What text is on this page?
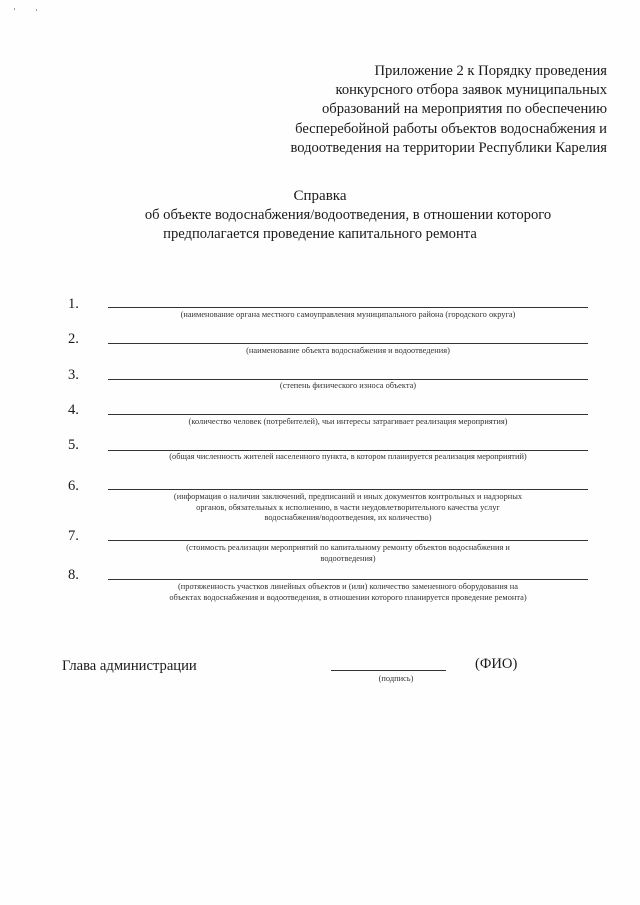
Приложение 2 к Порядку проведения
конкурсного отбора заявок муниципальных
образований на мероприятия по обеспечению
бесперебойной работы объектов водоснабжения и
водоотведения на территории Республики Карелия
Справка
об объекте водоснабжения/водоотведения, в отношении которого
предполагается проведение капитального ремонта
1.
(наименование органа местного самоуправления муниципального района (городского округа)
2.
(наименование объекта водоснабжения и водоотведения)
3.
(степень физического износа объекта)
4.
(количество человек (потребителей), чьи интересы затрагивает реализация мероприятия)
5.
(общая численность жителей населенного пункта, в котором планируется реализация мероприятий)
6.
(информация о наличии заключений, предписаний и иных документов контрольных и надзорных
органов, обязательных к исполнению, в части неудовлетворительного качества услуг
водоснабжения/водоотведения, их количество)
7.
(стоимость реализации мероприятий по капитальному ремонту объектов водоснабжения и
водоотведения)
8.
(протяженность участков линейных объектов и (или) количество замененного оборудования на
объектах водоснабжения и водоотведения, в отношении которого планируется проведение ремонта)
Глава администрации
(подпись)
(ФИО)
